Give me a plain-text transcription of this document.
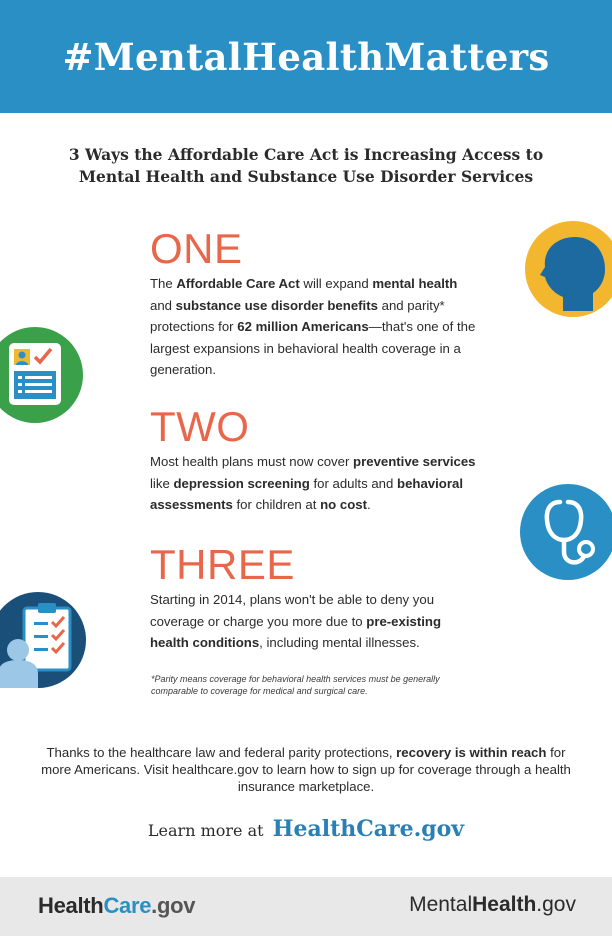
#MentalHealthMatters
3 Ways the Affordable Care Act is Increasing Access to
Mental Health and Substance Use Disorder Services
ONE

The Affordable Care Act will expand mental health and substance use disorder benefits and parity* protections for 62 million Americans—that's one of the largest expansions in behavioral health coverage in a generation.

TWO

Most health plans must now cover preventive services like depression screening for adults and behavioral assessments for children at no cost.

THREE

Starting in 2014, plans won't be able to deny you coverage or charge you more due to pre-existing health conditions, including mental illnesses.

*Parity means coverage for behavioral health services must be generally comparable to coverage for medical and surgical care.
Thanks to the healthcare law and federal parity protections, recovery is within reach for more Americans. Visit healthcare.gov to learn how to sign up for coverage through a health insurance marketplace.
Learn more at HealthCare.gov
HealthCare.gov	MentalHealth.gov
